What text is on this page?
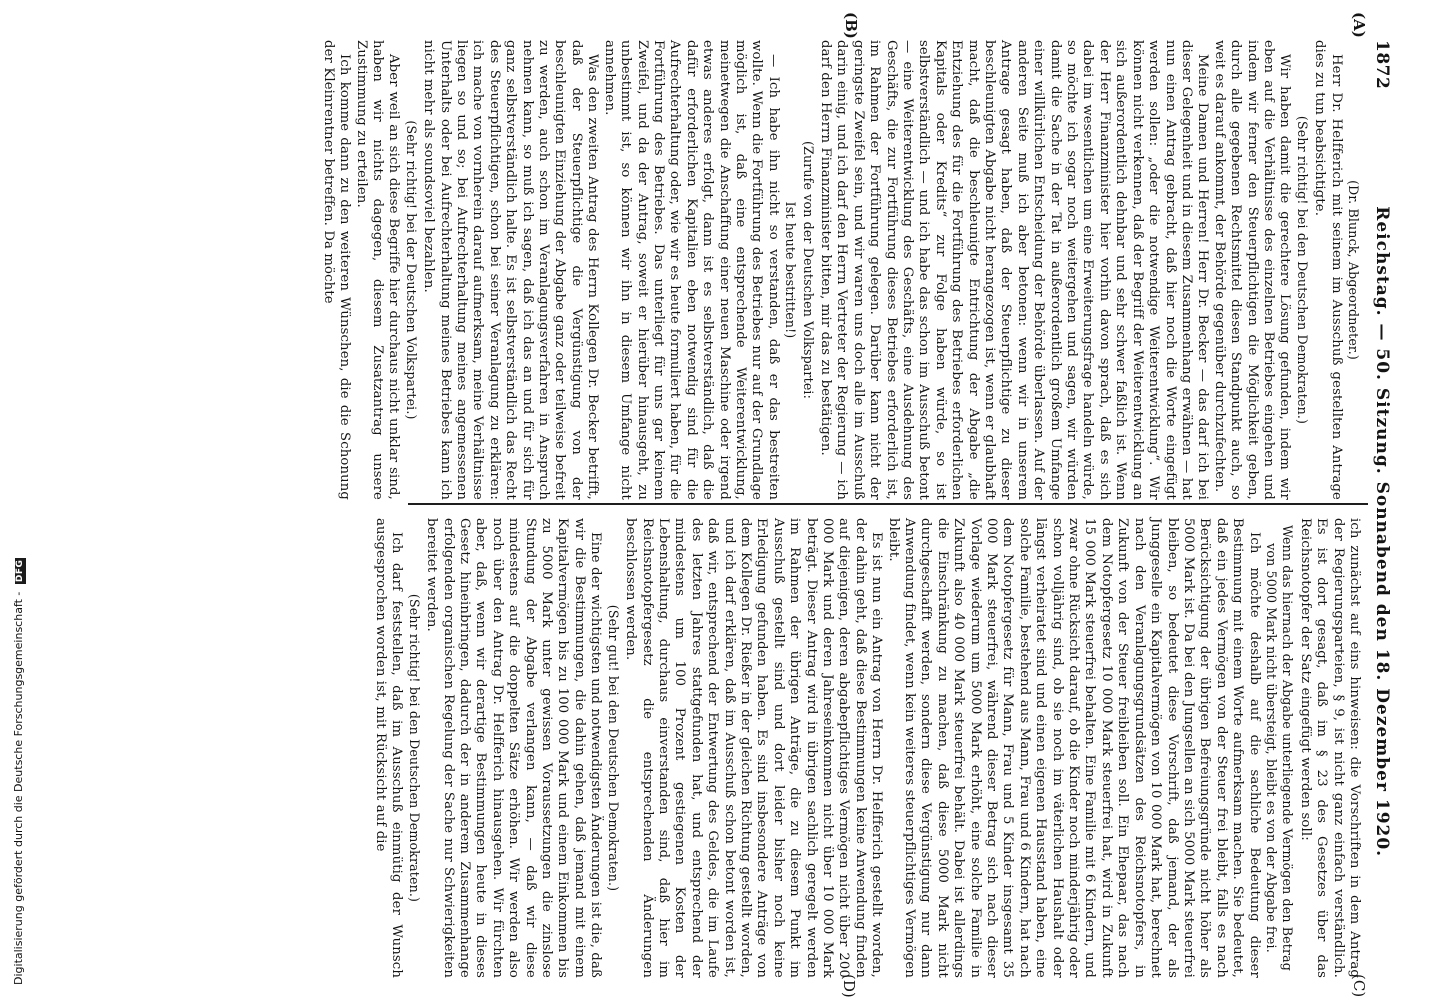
Digitalisierung gefördert durch die Deutsche Forschungsgemeinschaft - DFG
1872
Reichstag. — 50. Sitzung. Sonnabend den 18. Dezember 1920.
(A)
(B)
(C)
(D)

(Dr. Blunck, Abgeordneter.)

Herr Dr. Helfferich mit seinem im Ausschuß gestellten Antrage dies zu tun beabsichtigte.

(Sehr richtig! bei den Deutschen Demokraten.)

Wir haben damit die gerechtere Lösung gefunden, indem wir eben auf die Verhältnisse des einzelnen Betriebes eingehen und indem wir ferner den Steuerpflichtigen die Möglichkeit geben, durch alle gegebenen Rechtsmittel diesen Standpunkt auch, so weit es darauf ankommt, der Behörde gegenüber durchzufechten.

Meine Damen und Herren! Herr Dr. Becker — das darf ich bei dieser Gelegenheit und in diesem Zusammenhang erwähnen — hat nun einen Antrag gebracht, daß hier noch die Worte eingefügt werden sollen: „oder die notwendige Weiterentwicklung“. Wir können nicht verkennen, daß der Begriff der Weiterentwicklung an sich außerordentlich dehnbar und sehr schwer faßlich ist. Wenn der Herr Finanzminister hier vorhin davon sprach, daß es sich dabei im wesentlichen um eine Erweiterungsfrage handeln würde, so möchte ich sogar noch weitergehen und sagen, wir würden damit die Sache in der Tat in außerordentlich großem Umfange einer willkürlichen Entscheidung der Behörde überlassen. Auf der anderen Seite muß ich aber betonen: wenn wir in unserem Antrage gesagt haben, daß der Steuerpflichtige zu dieser beschleunigten Abgabe nicht herangezogen ist, wenn er glaubhaft macht, daß die beschleunigte Entrichtung der Abgabe „die Entziehung des für die Fortführung des Betriebes erforderlichen Kapitals oder Kredits“ zur Folge haben würde, so ist selbstverständlich — und ich habe das schon im Ausschuß betont — eine Weiterentwicklung des Geschäfts, eine Ausdehnung des Geschäfts, die zur Fortführung dieses Betriebes erforderlich ist, im Rahmen der Fortführung gelegen. Darüber kann nicht der geringste Zweifel sein, und wir waren uns doch alle im Ausschuß darin einig, und ich darf den Herrn Vertreter der Regierung — ich darf den Herrn Finanzminister bitten, mir das zu bestätigen.

(Zurufe von der Deutschen Volkspartei:

Ist heute bestritten!)

— Ich habe ihn nicht so verstanden, daß er das bestreiten wollte. Wenn die Fortführung des Betriebes nur auf der Grundlage möglich ist, daß eine entsprechende Weiterentwicklung, meinetwegen die Anschaffung einer neuen Maschine oder irgend etwas anderes erfolgt, dann ist es selbstverständlich, daß die dafür erforderlichen Kapitalien eben notwendig sind für die Aufrechterhaltung oder, wie wir es heute formuliert haben, für die Fortführung des Betriebes. Das unterliegt für uns gar keinem Zweifel, und da der Antrag, soweit er hierüber hinausgeht, zu unbestimmt ist, so können wir ihn in diesem Umfange nicht annehmen.

Was den zweiten Antrag des Herrn Kollegen Dr. Becker betrifft, daß der Steuerpflichtige die Vergünstigung von der beschleunigten Einziehung der Abgabe ganz oder teilweise befreit zu werden, auch schon im Veranlagungsverfahren in Anspruch nehmen kann, so muß ich sagen, daß ich das an und für sich für ganz selbstverständlich halte. Es ist selbstverständlich das Recht des Steuerpflichtigen, schon bei seiner Veranlagung zu erklären: ich mache von vornherein darauf aufmerksam, meine Verhältnisse liegen so und so; bei Aufrechterhaltung meines angemessenen Unterhalts oder bei Aufrechterhaltung meines Betriebes kann ich nicht mehr als soundsoviel bezahlen.

(Sehr richtig! bei der Deutschen Volkspartei.)

Aber weil an sich diese Begriffe hier durchaus nicht unklar sind, haben wir nichts dagegen, diesem Zusatzantrag unsere Zustimmung zu erteilen.

Ich komme dann zu den weiteren Wünschen, die die Schonung der Kleinrentner betreffen. Da möchte

ich zunächst auf eins hinweisen: die Vorschriften in dem Antrag der Regierungsparteien, § 9, ist nicht ganz einfach verständlich. Es ist dort gesagt, daß im § 23 des Gesetzes über das Reichsnotopfer der Satz eingefügt werden soll:

Wenn das hiernach der Abgabe unterliegende Vermögen den Betrag von 5000 Mark nicht übersteigt, bleibt es von der Abgabe frei.

Ich möchte deshalb auf die sachliche Bedeutung dieser Bestimmung mit einem Worte aufmerksam machen. Sie bedeutet, daß ein jedes Vermögen von der Steuer frei bleibt, falls es nach Berücksichtigung der übrigen Befreiungsgründe nicht höher als 5000 Mark ist. Da bei den Jungsellen an sich 5000 Mark steuerfrei bleiben, so bedeutet diese Vorschrift, daß jemand, der als Junggeselle ein Kapitalvermögen von 10 000 Mark hat, berechnet nach den Veranlagungsgrundsätzen des Reichsnotopfers, in Zukunft von der Steuer freibleiben soll. Ein Ehepaar, das nach dem Notopfergesetz 10 000 Mark steuerfrei hat, wird in Zukunft 15 000 Mark steuerfrei behalten. Eine Familie mit 6 Kindern, und zwar ohne Rücksicht darauf, ob die Kinder noch minderjährig oder schon volljährig sind, ob sie noch im väterlichen Haushalt oder längst verheiratet sind und einen eigenen Hausstand haben, eine solche Familie, bestehend aus Mann, Frau und 6 Kindern, hat nach dem Notopfergesetz für Mann, Frau und 5 Kinder insgesamt 35 000 Mark steuerfrei, während dieser Betrag sich nach dieser Vorlage wiederum um 5000 Mark erhöht, eine solche Familie in Zukunft also 40 000 Mark steuerfrei behält. Dabei ist allerdings die Einschränkung zu machen, daß diese 5000 Mark nicht durchgeschafft werden, sondern diese Vergünstigung nur dann Anwendung findet, wenn kein weiteres steuerpflichtiges Vermögen bleibt.

Es ist nun ein Antrag von Herrn Dr. Helfferich gestellt worden, der dahin geht, daß diese Bestimmungen keine Anwendung finden auf diejenigen, deren abgabepflichtiges Vermögen nicht über 200 000 Mark und deren Jahreseinkommen nicht über 10 000 Mark beträgt. Dieser Antrag wird in übrigen sachlich geregelt werden im Rahmen der übrigen Anträge, die zu diesem Punkt im Ausschuß gestellt sind und dort leider bisher noch keine Erledigung gefunden haben. Es sind insbesondere Anträge von dem Kollegen Dr. Rießer in der gleichen Richtung gestellt worden, und ich darf erklären, daß im Ausschuß schon betont worden ist, daß wir, entsprechend der Entwertung des Geldes, die im Laufe des letzten Jahres stattgefunden hat, und entsprechend der mindestens um 100 Prozent gestiegenen Kosten der Lebenshaltung, durchaus einverstanden sind, daß hier im Reichsnotopfergesetz die entsprechenden Änderungen beschlossen werden.

(Sehr gut! bei den Deutschen Demokraten.)

Eine der wichtigsten und notwendigsten Änderungen ist die, daß wir die Bestimmungen, die dahin gehen, daß jemand mit einem Kapitalvermögen bis zu 100 000 Mark und einem Einkommen bis zu 5000 Mark unter gewissen Voraussetzungen die zinslose Stundung der Abgabe verlangen kann, — daß wir diese mindestens auf die doppelten Sätze erhöhen. Wir werden also noch über den Antrag Dr. Helfferich hinausgehen. Wir fürchten aber, daß, wenn wir derartige Bestimmungen heute in dieses Gesetz hineinbringen, dadurch der in anderem Zusammenhange erfolgenden organischen Regelung der Sache nur Schwierigkeiten bereitet werden.

(Sehr richtig! bei den Deutschen Demokraten.)

Ich darf feststellen, daß im Ausschuß einmütig der Wunsch ausgesprochen worden ist, mit Rücksicht auf die
